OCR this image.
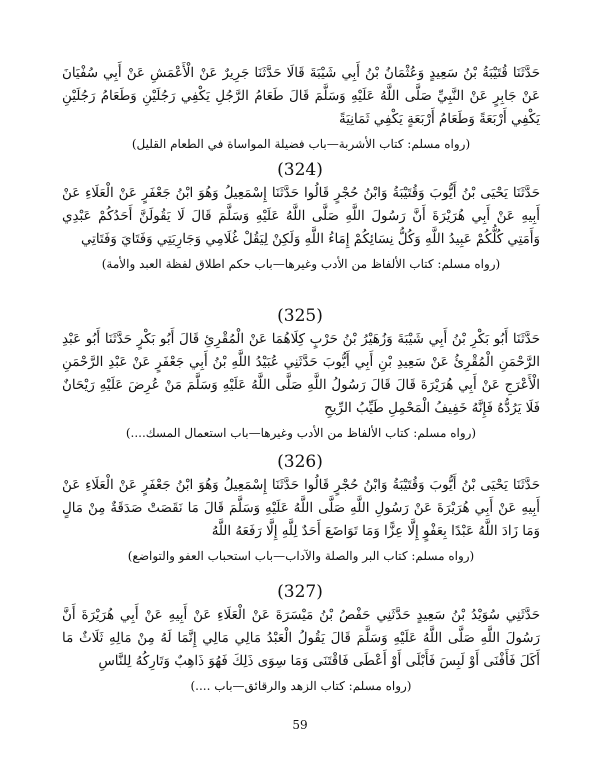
حَدَّثَنَا قُتَيْبَةُ بْنُ سَعِيدٍ وَعُثْمَانُ بْنُ أَبِي شَيْبَةَ قَالَا حَدَّثَنَا جَرِيرٌ عَنْ الْأَعْمَشِ عَنْ أَبِي سُفْيَانَ عَنْ جَابِرٍ عَنْ النَّبِيِّ صَلَّى اللَّهُ عَلَيْهِ وَسَلَّمَ قَالَ طَعَامُ الرَّجُلِ يَكْفِي رَجُلَيْنِ وَطَعَامُ رَجُلَيْنِ يَكْفِي أَرْبَعَةً وَطَعَامُ أَرْبَعَةٍ يَكْفِي ثَمَانِيَةً

(رواه مسلم: كتاب الأشربة—باب فضيلة المواساة في الطعام القليل)

(324)

حَدَّثَنَا يَحْيَى بْنُ أَيُّوبَ وَقُتَيْبَةُ وَابْنُ حُجْرٍ قَالُوا حَدَّثَنَا إِسْمَعِيلُ وَهُوَ ابْنُ جَعْفَرٍ عَنْ الْعَلَاءِ عَنْ أَبِيهِ عَنْ أَبِي هُرَيْرَةَ أَنَّ رَسُولَ اللَّهِ صَلَّى اللَّهُ عَلَيْهِ وَسَلَّمَ قَالَ لَا يَقُولَنَّ أَحَدُكُمْ عَبْدِي وَأَمَتِي كُلُّكُمْ عَبِيدُ اللَّهِ وَكُلُّ نِسَائِكُمْ إِمَاءُ اللَّهِ وَلَكِنْ لِيَقُلْ غُلَامِي وَجَارِيَتِي وَفَتَايَ وَفَتَاتِي

(رواه مسلم: كتاب الألفاظ من الأدب وغيرها—باب حكم اطلاق لفظة العبد والأمة)

(325)

حَدَّثَنَا أَبُو بَكْرِ بْنُ أَبِي شَيْبَةَ وَزُهَيْرُ بْنُ حَرْبٍ كِلَاهُمَا عَنْ الْمُقْرِئِ قَالَ أَبُو بَكْرٍ حَدَّثَنَا أَبُو عَبْدِ الرَّحْمَنِ الْمُقْرِئُ عَنْ سَعِيدِ بْنِ أَبِي أَيُّوبَ حَدَّثَنِي عُبَيْدُ اللَّهِ بْنُ أَبِي جَعْفَرٍ عَنْ عَبْدِ الرَّحْمَنِ الْأَعْرَجِ عَنْ أَبِي هُرَيْرَةَ قَالَ قَالَ رَسُولُ اللَّهِ صَلَّى اللَّهُ عَلَيْهِ وَسَلَّمَ مَنْ عُرِضَ عَلَيْهِ رَيْحَانٌ فَلَا يَرُدُّهُ فَإِنَّهُ خَفِيفُ الْمَحْمِلِ طَيِّبُ الرِّيحِ

(رواه مسلم: كتاب الألفاظ من الأدب وغيرها—باب استعمال المسك....)

(326)

حَدَّثَنَا يَحْيَى بْنُ أَيُّوبَ وَقُتَيْبَةُ وَابْنُ حُجْرٍ قَالُوا حَدَّثَنَا إِسْمَعِيلُ وَهُوَ ابْنُ جَعْفَرٍ عَنْ الْعَلَاءِ عَنْ أَبِيهِ عَنْ أَبِي هُرَيْرَةَ عَنْ رَسُولِ اللَّهِ صَلَّى اللَّهُ عَلَيْهِ وَسَلَّمَ قَالَ مَا نَقَصَتْ صَدَقَةٌ مِنْ مَالٍ وَمَا زَادَ اللَّهُ عَبْدًا بِعَفْوٍ إِلَّا عِزًّا وَمَا تَوَاضَعَ أَحَدٌ لِلَّهِ إِلَّا رَفَعَهُ اللَّهُ

(رواه مسلم: كتاب البر والصلة والآداب—باب استحباب العفو والتواضع)

(327)

حَدَّثَنِي سُوَيْدُ بْنُ سَعِيدٍ حَدَّثَنِي حَفْصُ بْنُ مَيْسَرَةَ عَنْ الْعَلَاءِ عَنْ أَبِيهِ عَنْ أَبِي هُرَيْرَةَ أَنَّ رَسُولَ اللَّهِ صَلَّى اللَّهُ عَلَيْهِ وَسَلَّمَ قَالَ يَقُولُ الْعَبْدُ مَالِي مَالِي إِنَّمَا لَهُ مِنْ مَالِهِ ثَلَاثٌ مَا أَكَلَ فَأَفْنَى أَوْ لَبِسَ فَأَبْلَى أَوْ أَعْطَى فَاقْتَنَى وَمَا سِوَى ذَلِكَ فَهُوَ ذَاهِبٌ وَتَارِكُهُ لِلنَّاسِ

(رواه مسلم: كتاب الزهد والرقائق—باب ....)

59
